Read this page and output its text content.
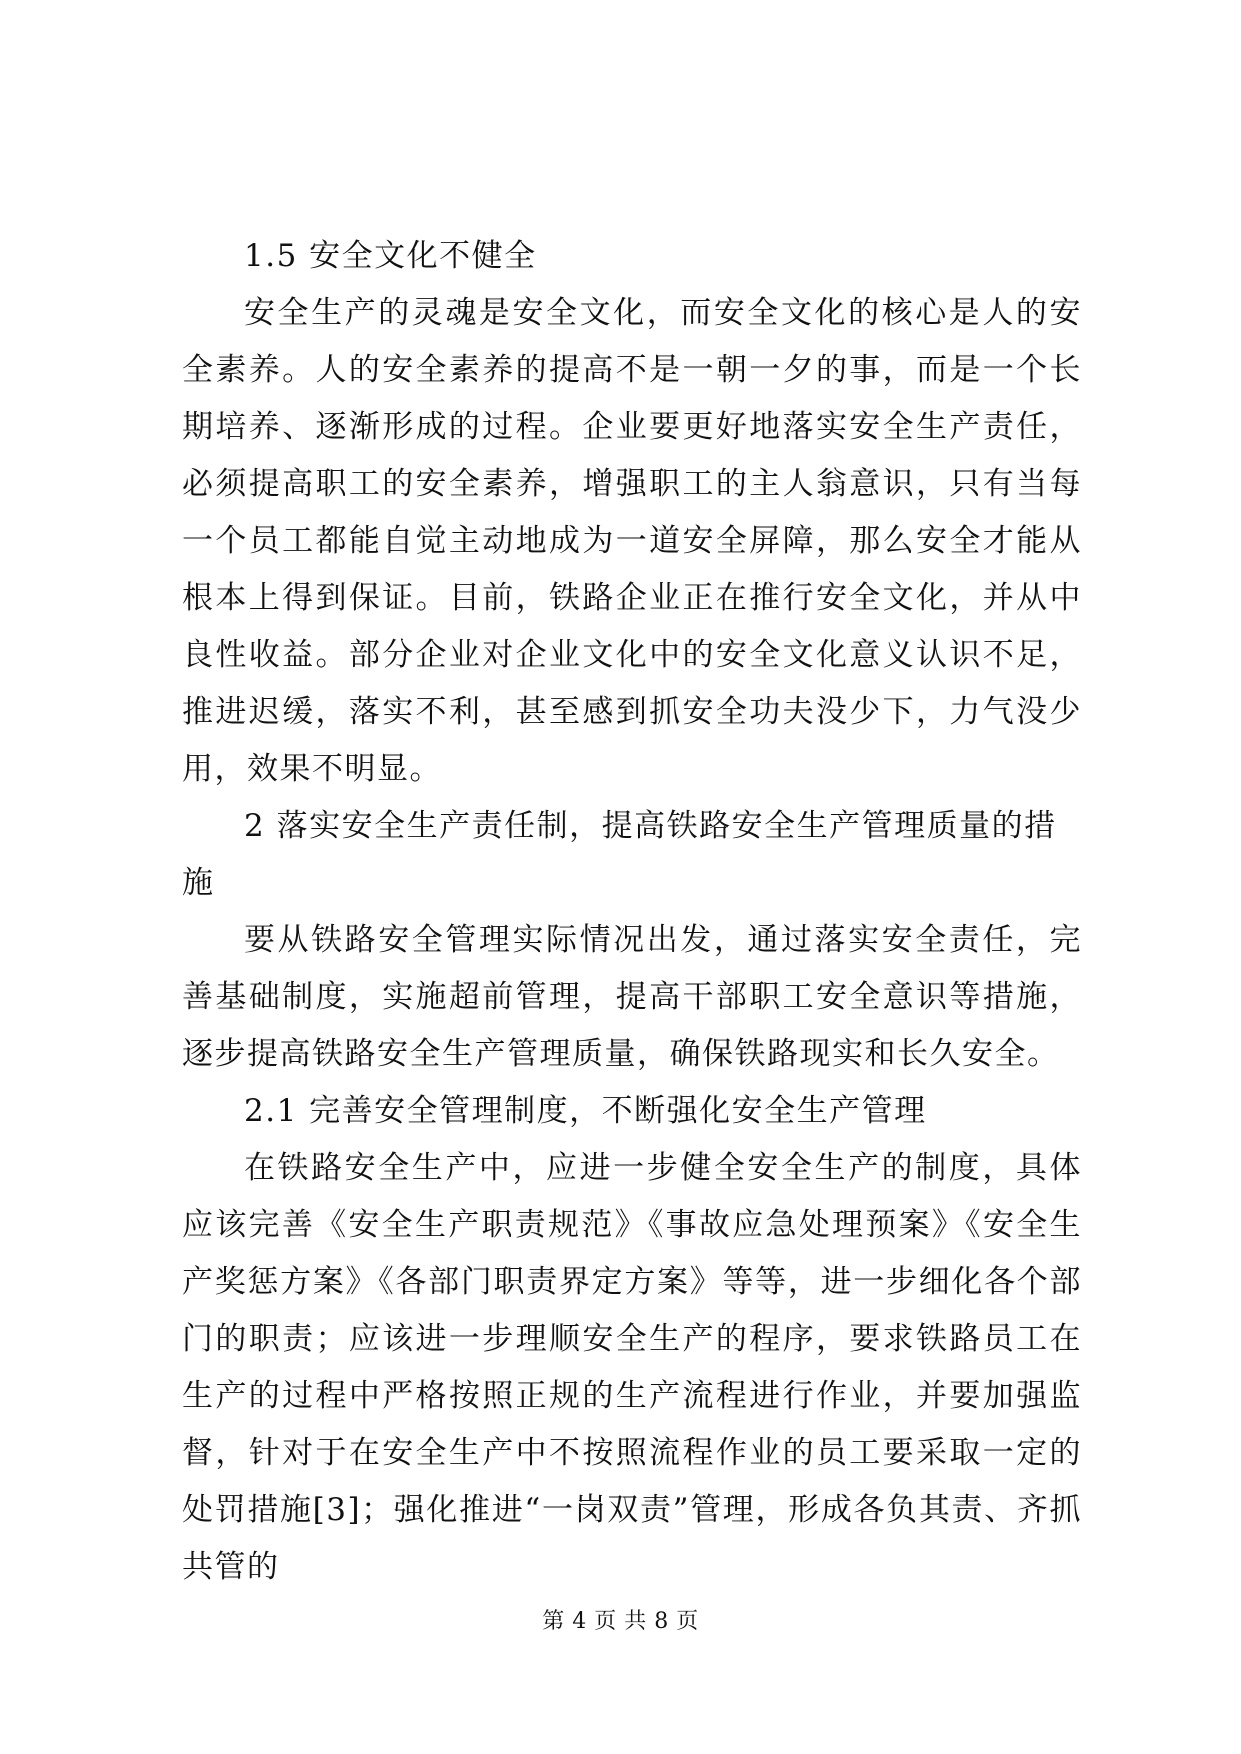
1.5 安全文化不健全

安全生产的灵魂是安全文化，而安全文化的核心是人的安全素养。人的安全素养的提高不是一朝一夕的事，而是一个长期培养、逐渐形成的过程。企业要更好地落实安全生产责任，必须提高职工的安全素养，增强职工的主人翁意识，只有当每一个员工都能自觉主动地成为一道安全屏障，那么安全才能从根本上得到保证。目前，铁路企业正在推行安全文化，并从中良性收益。部分企业对企业文化中的安全文化意义认识不足，推进迟缓，落实不利，甚至感到抓安全功夫没少下，力气没少用，效果不明显。

2 落实安全生产责任制，提高铁路安全生产管理质量的措施

要从铁路安全管理实际情况出发，通过落实安全责任，完善基础制度，实施超前管理，提高干部职工安全意识等措施，逐步提高铁路安全生产管理质量，确保铁路现实和长久安全。

2.1 完善安全管理制度，不断强化安全生产管理

在铁路安全生产中，应进一步健全安全生产的制度，具体应该完善《安全生产职责规范》《事故应急处理预案》《安全生产奖惩方案》《各部门职责界定方案》等等，进一步细化各个部门的职责；应该进一步理顺安全生产的程序，要求铁路员工在生产的过程中严格按照正规的生产流程进行作业，并要加强监督，针对于在安全生产中不按照流程作业的员工要采取一定的处罚措施[3]；强化推进“一岗双责”管理，形成各负其责、齐抓共管的

第 4 页 共 8 页
